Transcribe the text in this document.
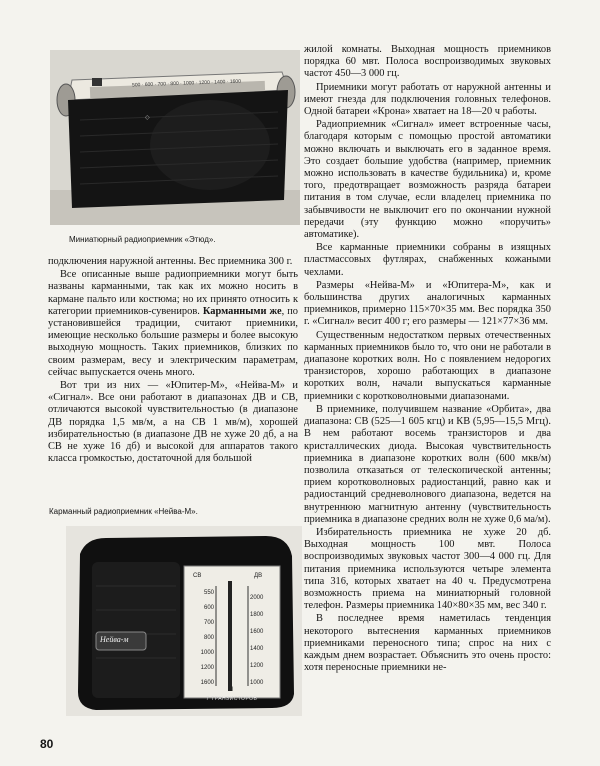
◇
500 · 600 · 700 · 800 · 1000 · 1200 · 1400 · 1600
Миниатюрный радиоприемник «Этюд».

подключения наружной антенны. Вес приемника 300 г.

Все описанные выше радиоприемники могут быть названы карманными, так как их можно носить в кармане пальто или костюма; но их принято относить к категории приемников-сувениров. Карманными же, по установившейся традиции, считают приемники, имеющие несколько большие размеры и более высокую выходную мощность. Таких приемников, близких по своим размерам, весу и электрическим параметрам, сейчас выпускается очень много.

Вот три из них — «Юпитер-М», «Нейва-М» и «Сигнал». Все они работают в диапазонах ДВ и СВ, отличаются высокой чувствительностью (в диапазоне ДВ порядка 1,5 мв/м, а на СВ 1 мв/м), хорошей избирательностью (в диапазоне ДВ не хуже 20 дб, а на СВ не хуже 16 дб) и высокой для аппаратов такого класса громкостью, достаточной для большой

Карманный радиоприемник «Нейва-М».
СВ	ДВ
550
600
700
800
1000
1200
1600
2000
1800
1600
1400
1200
1000
М
7 ТРАНЗИСТОРОВ
Нейва-м

жилой комнаты. Выходная мощность приемников порядка 60 мвт. Полоса воспроизводимых звуковых частот 450—3 000 гц.

Приемники могут работать от наружной антенны и имеют гнезда для подключения головных телефонов. Одной батареи «Крона» хватает на 18—20 ч работы.

Радиоприемник «Сигнал» имеет встроенные часы, благодаря которым с помощью простой автоматики можно включать и выключать его в заданное время. Это создает большие удобства (например, приемник можно использовать в качестве будильника) и, кроме того, предотвращает возможность разряда батареи питания в том случае, если владелец приемника по забывчивости не выключит его по окончании нужной передачи (эту функцию можно «поручить» автоматике).

Все карманные приемники собраны в изящных пластмассовых футлярах, снабженных кожаными чехлами.

Размеры «Нейва-М» и «Юпитера-М», как и большинства других аналогичных карманных приемников, примерно 115×70×35 мм. Вес порядка 350 г. «Сигнал» весит 400 г; его размеры — 121×77×36 мм.

Существенным недостатком первых отечественных карманных приемников было то, что они не работали в диапазоне коротких волн. Но с появлением недорогих транзисторов, хорошо работающих в диапазоне коротких волн, начали выпускаться карманные приемники с коротковолновыми диапазонами.

В приемнике, получившем название «Орбита», два диапазона: СВ (525—1 605 кгц) и КВ (5,95—15,5 Мгц). В нем работают восемь транзисторов и два кристаллических диода. Высокая чувствительность приемника в диапазоне коротких волн (600 мкв/м) позволила отказаться от телескопической антенны; прием коротковолновых радиостанций, равно как и радиостанций средневолнового диапазона, ведется на внутреннюю магнитную антенну (чувствительность приемника в диапазоне средних волн не хуже 0,6 ма/м).

Избирательность приемника не хуже 20 дб. Выходная мощность 100 мвт. Полоса воспроизводимых звуковых частот 300—4 000 гц. Для питания приемника используются четыре элемента типа 316, которых хватает на 40 ч. Предусмотрена возможность приема на миниатюрный головной телефон. Размеры приемника 140×80×35 мм, вес 340 г.

В последнее время наметилась тенденция некоторого вытеснения карманных приемников приемниками переносного типа; спрос на них с каждым днем возрастает. Объяснить это очень просто: хотя переносные приемники не-

80
